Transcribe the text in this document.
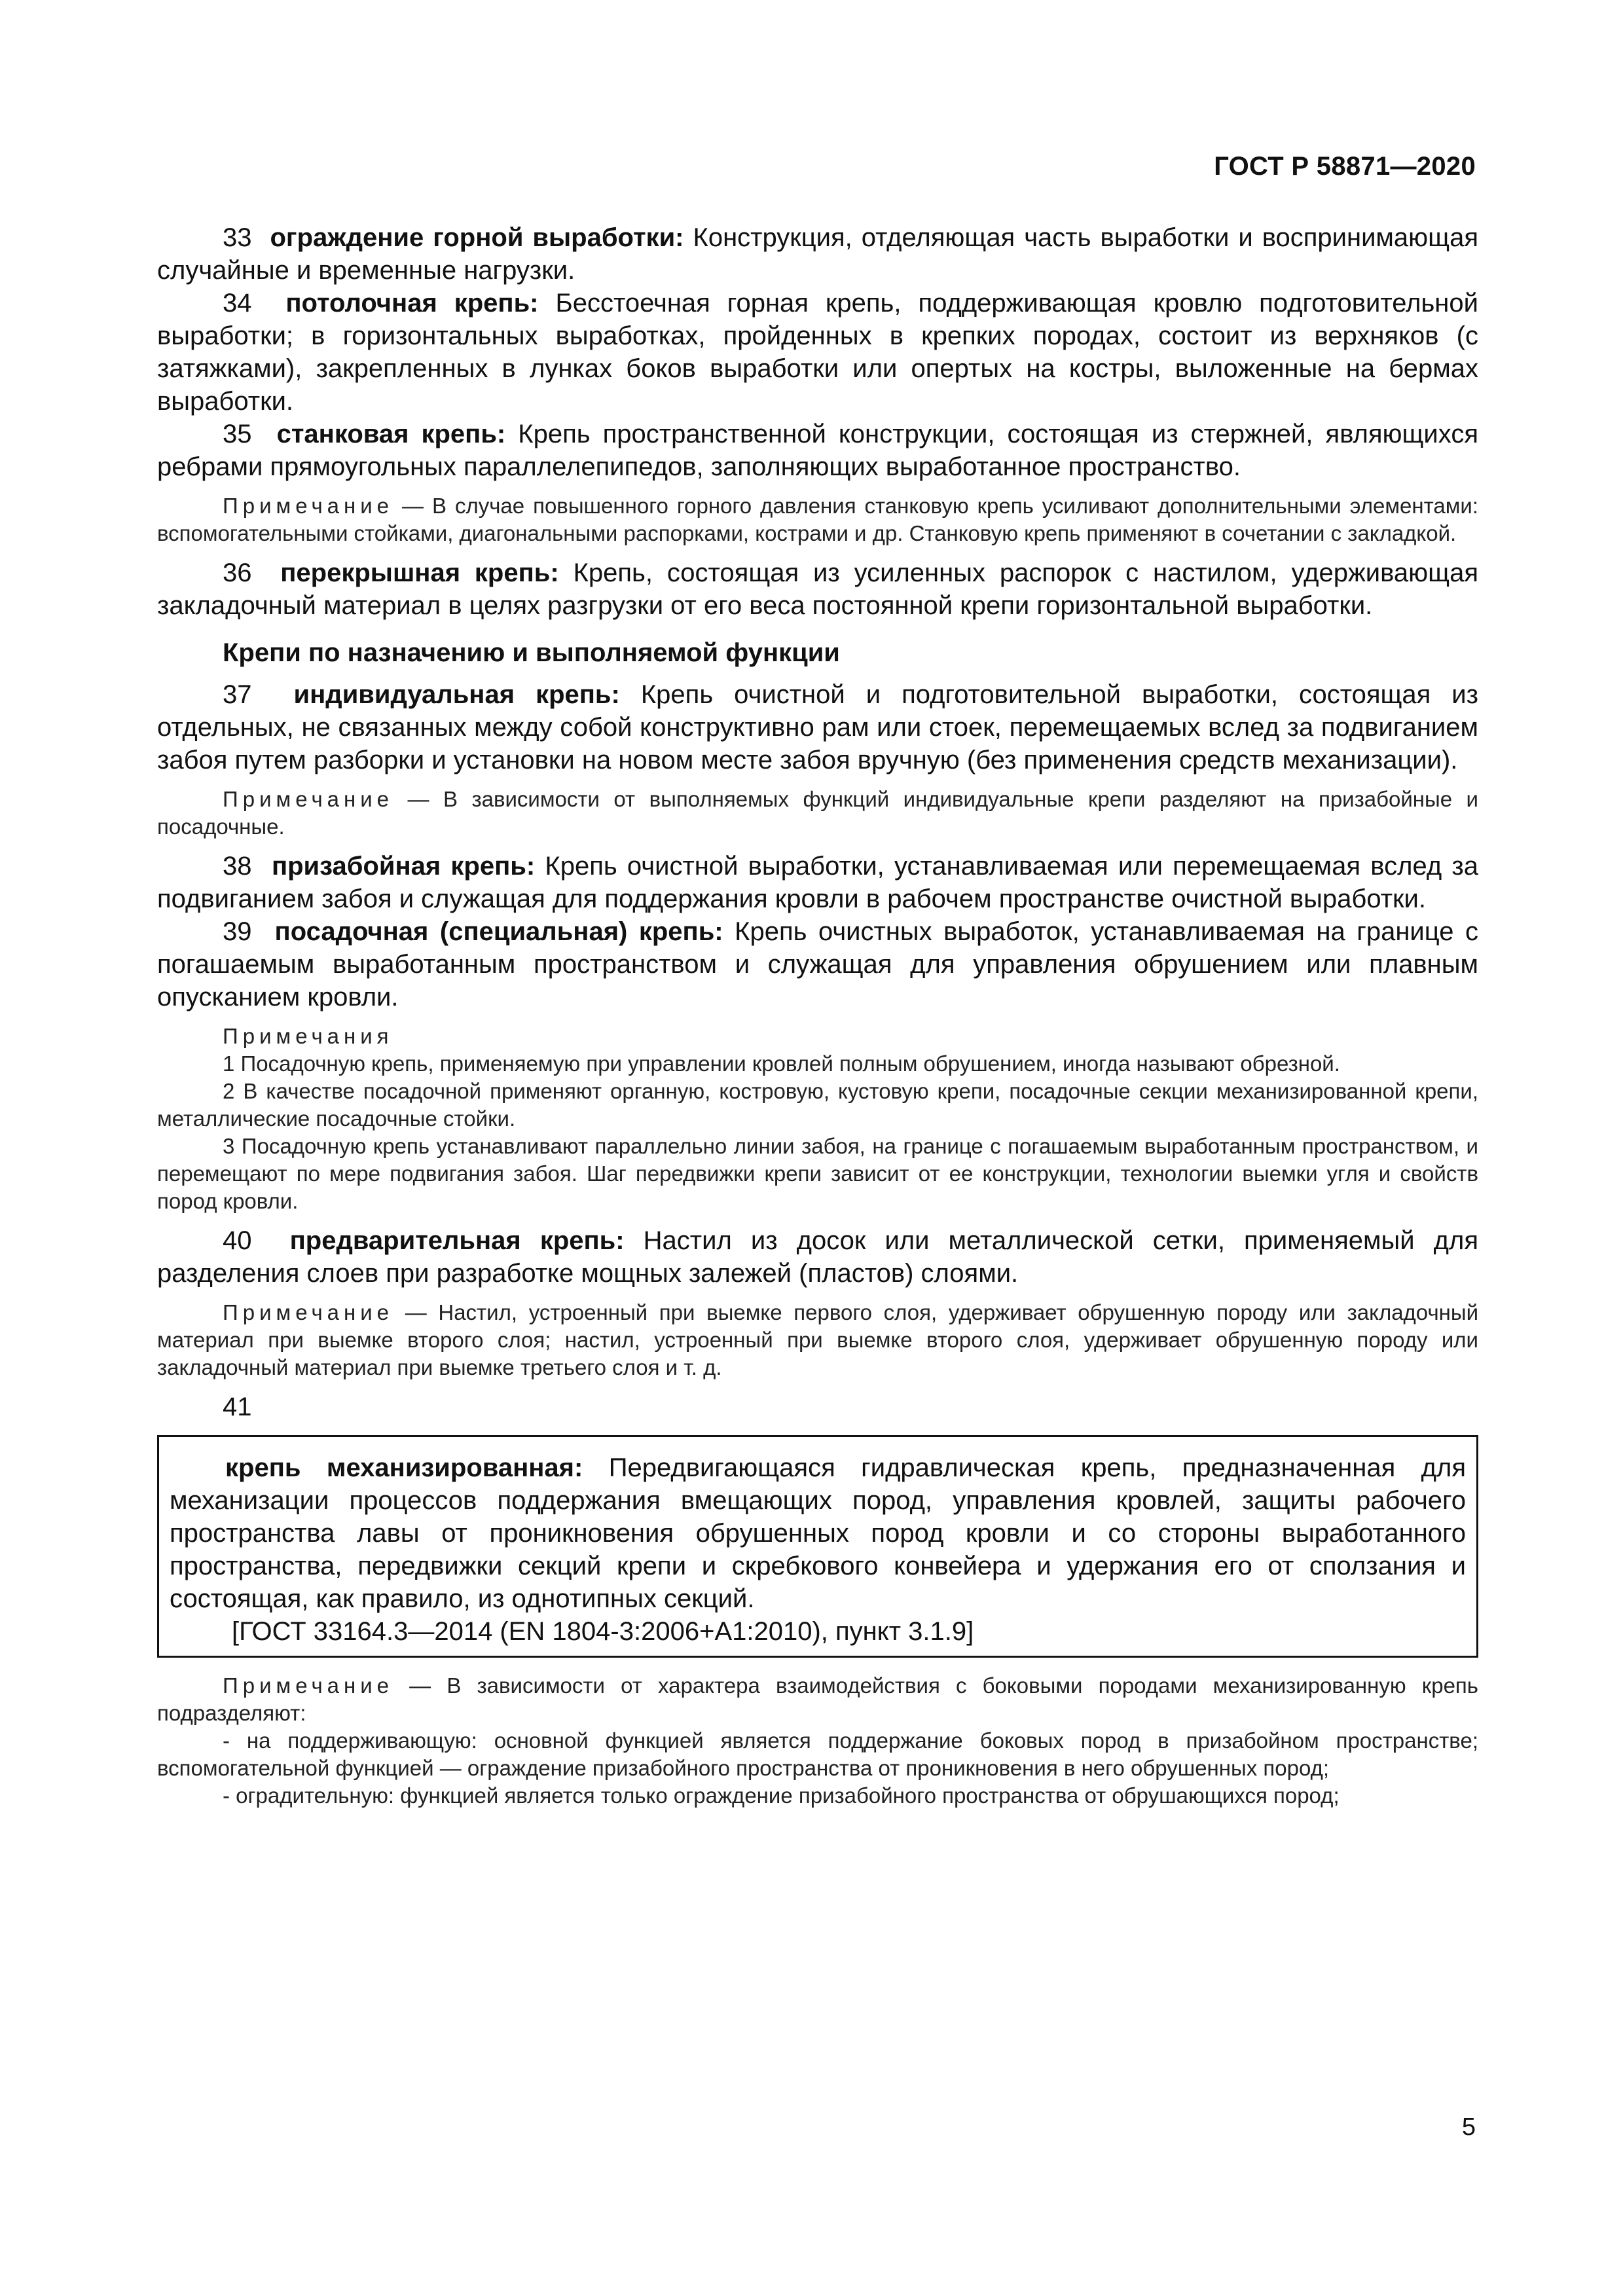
ГОСТ Р 58871—2020

33 ограждение горной выработки: Конструкция, отделяющая часть выработки и воспринимающая случайные и временные нагрузки.

34 потолочная крепь: Бесстоечная горная крепь, поддерживающая кровлю подготовительной выработки; в горизонтальных выработках, пройденных в крепких породах, состоит из верхняков (с затяжками), закрепленных в лунках боков выработки или опертых на костры, выложенные на бермах выработки.

35 станковая крепь: Крепь пространственной конструкции, состоящая из стержней, являющихся ребрами прямоугольных параллелепипедов, заполняющих выработанное пространство.

Примечание — В случае повышенного горного давления станковую крепь усиливают дополнительными элементами: вспомогательными стойками, диагональными распорками, кострами и др. Станковую крепь применяют в сочетании с закладкой.

36 перекрышная крепь: Крепь, состоящая из усиленных распорок с настилом, удерживающая закладочный материал в целях разгрузки от его веса постоянной крепи горизонтальной выработки.

Крепи по назначению и выполняемой функции

37 индивидуальная крепь: Крепь очистной и подготовительной выработки, состоящая из отдельных, не связанных между собой конструктивно рам или стоек, перемещаемых вслед за подвиганием забоя путем разборки и установки на новом месте забоя вручную (без применения средств механизации).

Примечание — В зависимости от выполняемых функций индивидуальные крепи разделяют на призабойные и посадочные.

38 призабойная крепь: Крепь очистной выработки, устанавливаемая или перемещаемая вслед за подвиганием забоя и служащая для поддержания кровли в рабочем пространстве очистной выработки.

39 посадочная (специальная) крепь: Крепь очистных выработок, устанавливаемая на границе с погашаемым выработанным пространством и служащая для управления обрушением или плавным опусканием кровли.

Примечания

1 Посадочную крепь, применяемую при управлении кровлей полным обрушением, иногда называют обрезной.

2 В качестве посадочной применяют органную, костровую, кустовую крепи, посадочные секции механизированной крепи, металлические посадочные стойки.

3 Посадочную крепь устанавливают параллельно линии забоя, на границе с погашаемым выработанным пространством, и перемещают по мере подвигания забоя. Шаг передвижки крепи зависит от ее конструкции, технологии выемки угля и свойств пород кровли.

40 предварительная крепь: Настил из досок или металлической сетки, применяемый для разделения слоев при разработке мощных залежей (пластов) слоями.

Примечание — Настил, устроенный при выемке первого слоя, удерживает обрушенную породу или закладочный материал при выемке второго слоя; настил, устроенный при выемке второго слоя, удерживает обрушенную породу или закладочный материал при выемке третьего слоя и т. д.

41

крепь механизированная: Передвигающаяся гидравлическая крепь, предназначенная для механизации процессов поддержания вмещающих пород, управления кровлей, защиты рабочего пространства лавы от проникновения обрушенных пород кровли и со стороны выработанного пространства, передвижки секций крепи и скребкового конвейера и удержания его от сползания и состоящая, как правило, из однотипных секций.

[ГОСТ 33164.3—2014 (EN 1804-3:2006+A1:2010), пункт 3.1.9]

Примечание — В зависимости от характера взаимодействия с боковыми породами механизированную крепь подразделяют:

- на поддерживающую: основной функцией является поддержание боковых пород в призабойном пространстве; вспомогательной функцией — ограждение призабойного пространства от проникновения в него обрушенных пород;

- оградительную: функцией является только ограждение призабойного пространства от обрушающихся пород;

5
